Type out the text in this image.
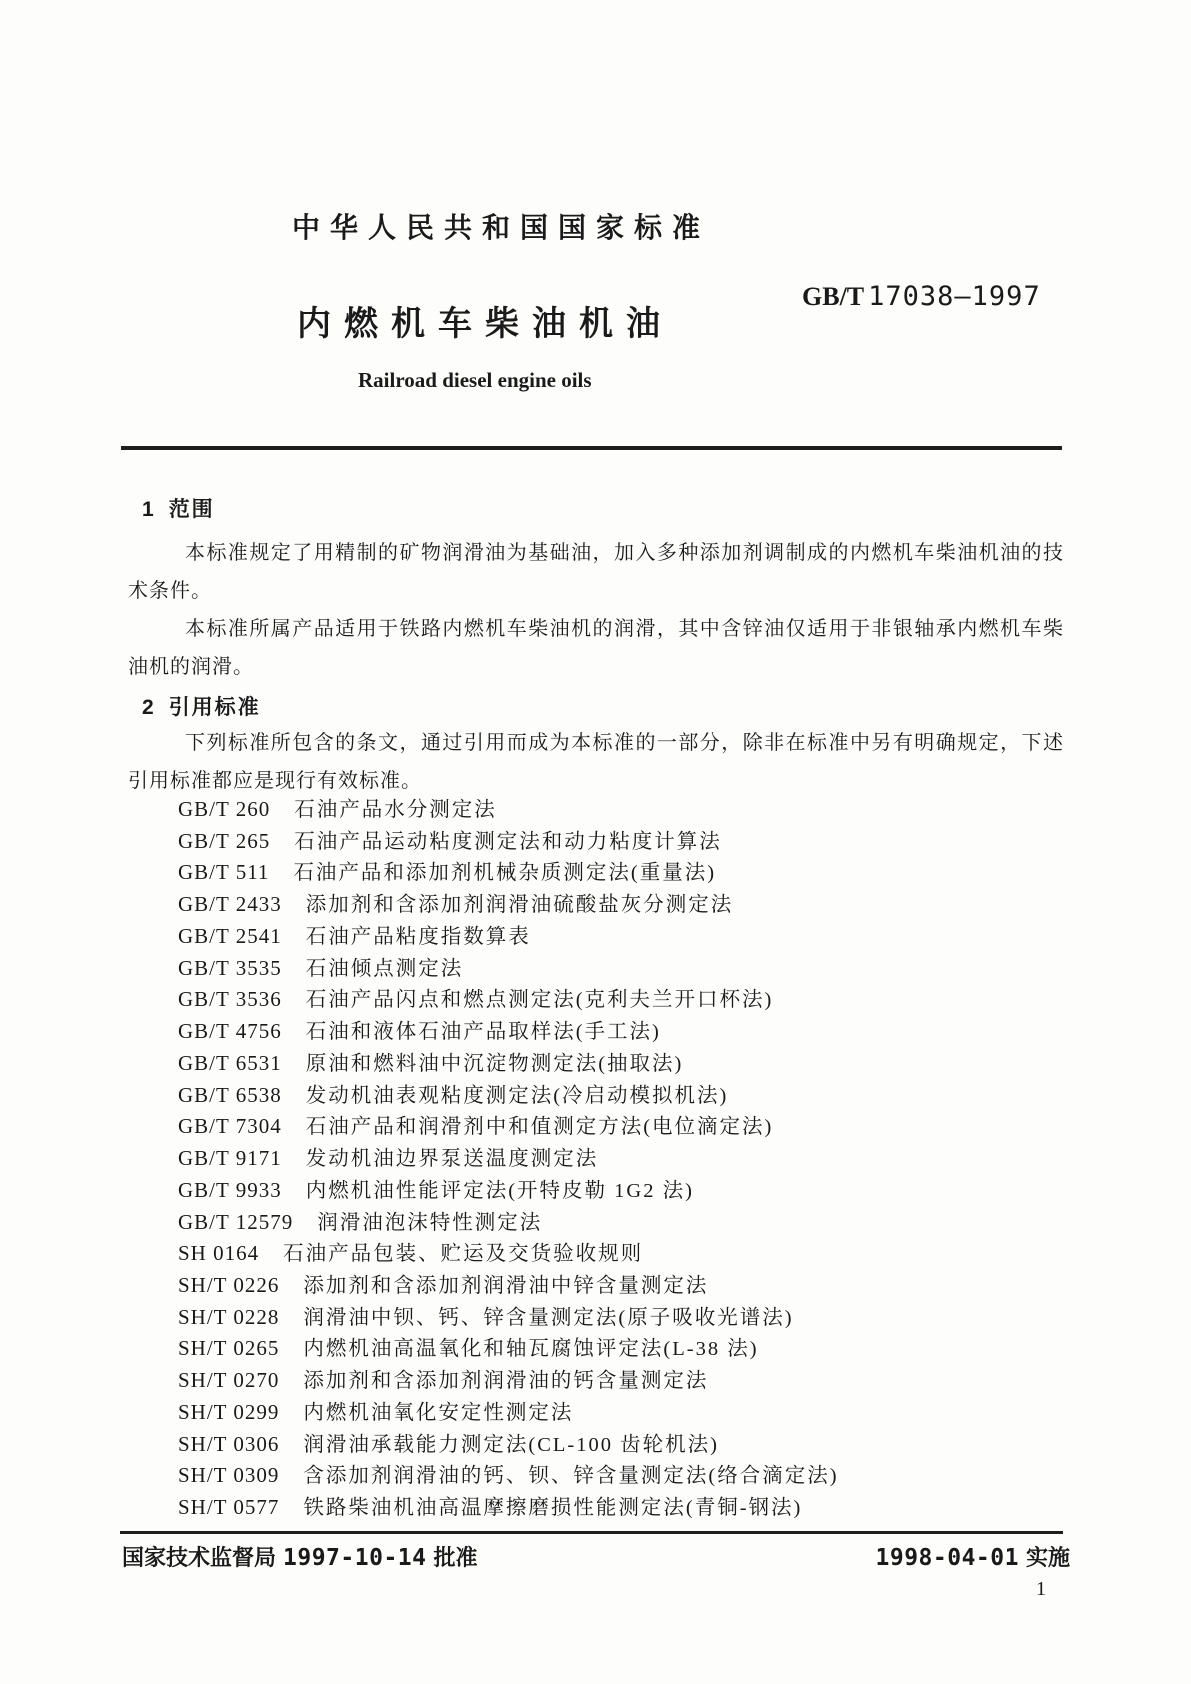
中华人民共和国国家标准
GB/T 17038—1997
内燃机车柴油机油
Railroad diesel engine oils
1 范围

本标准规定了用精制的矿物润滑油为基础油，加入多种添加剂调制成的内燃机车柴油机油的技术条件。

本标准所属产品适用于铁路内燃机车柴油机的润滑，其中含锌油仅适用于非银轴承内燃机车柴油机的润滑。

2 引用标准

下列标准所包含的条文，通过引用而成为本标准的一部分，除非在标准中另有明确规定，下述引用标准都应是现行有效标准。

GB/T 260 石油产品水分测定法
GB/T 265 石油产品运动粘度测定法和动力粘度计算法
GB/T 511 石油产品和添加剂机械杂质测定法(重量法)
GB/T 2433 添加剂和含添加剂润滑油硫酸盐灰分测定法
GB/T 2541 石油产品粘度指数算表
GB/T 3535 石油倾点测定法
GB/T 3536 石油产品闪点和燃点测定法(克利夫兰开口杯法)
GB/T 4756 石油和液体石油产品取样法(手工法)
GB/T 6531 原油和燃料油中沉淀物测定法(抽取法)
GB/T 6538 发动机油表观粘度测定法(冷启动模拟机法)
GB/T 7304 石油产品和润滑剂中和值测定方法(电位滴定法)
GB/T 9171 发动机油边界泵送温度测定法
GB/T 9933 内燃机油性能评定法(开特皮勒 1G2 法)
GB/T 12579 润滑油泡沫特性测定法
SH 0164 石油产品包装、贮运及交货验收规则
SH/T 0226 添加剂和含添加剂润滑油中锌含量测定法
SH/T 0228 润滑油中钡、钙、锌含量测定法(原子吸收光谱法)
SH/T 0265 内燃机油高温氧化和轴瓦腐蚀评定法(L-38 法)
SH/T 0270 添加剂和含添加剂润滑油的钙含量测定法
SH/T 0299 内燃机油氧化安定性测定法
SH/T 0306 润滑油承载能力测定法(CL-100 齿轮机法)
SH/T 0309 含添加剂润滑油的钙、钡、锌含量测定法(络合滴定法)
SH/T 0577 铁路柴油机油高温摩擦磨损性能测定法(青铜-钢法)
国家技术监督局 1997-10-14 批准	1998-04-01 实施
1
